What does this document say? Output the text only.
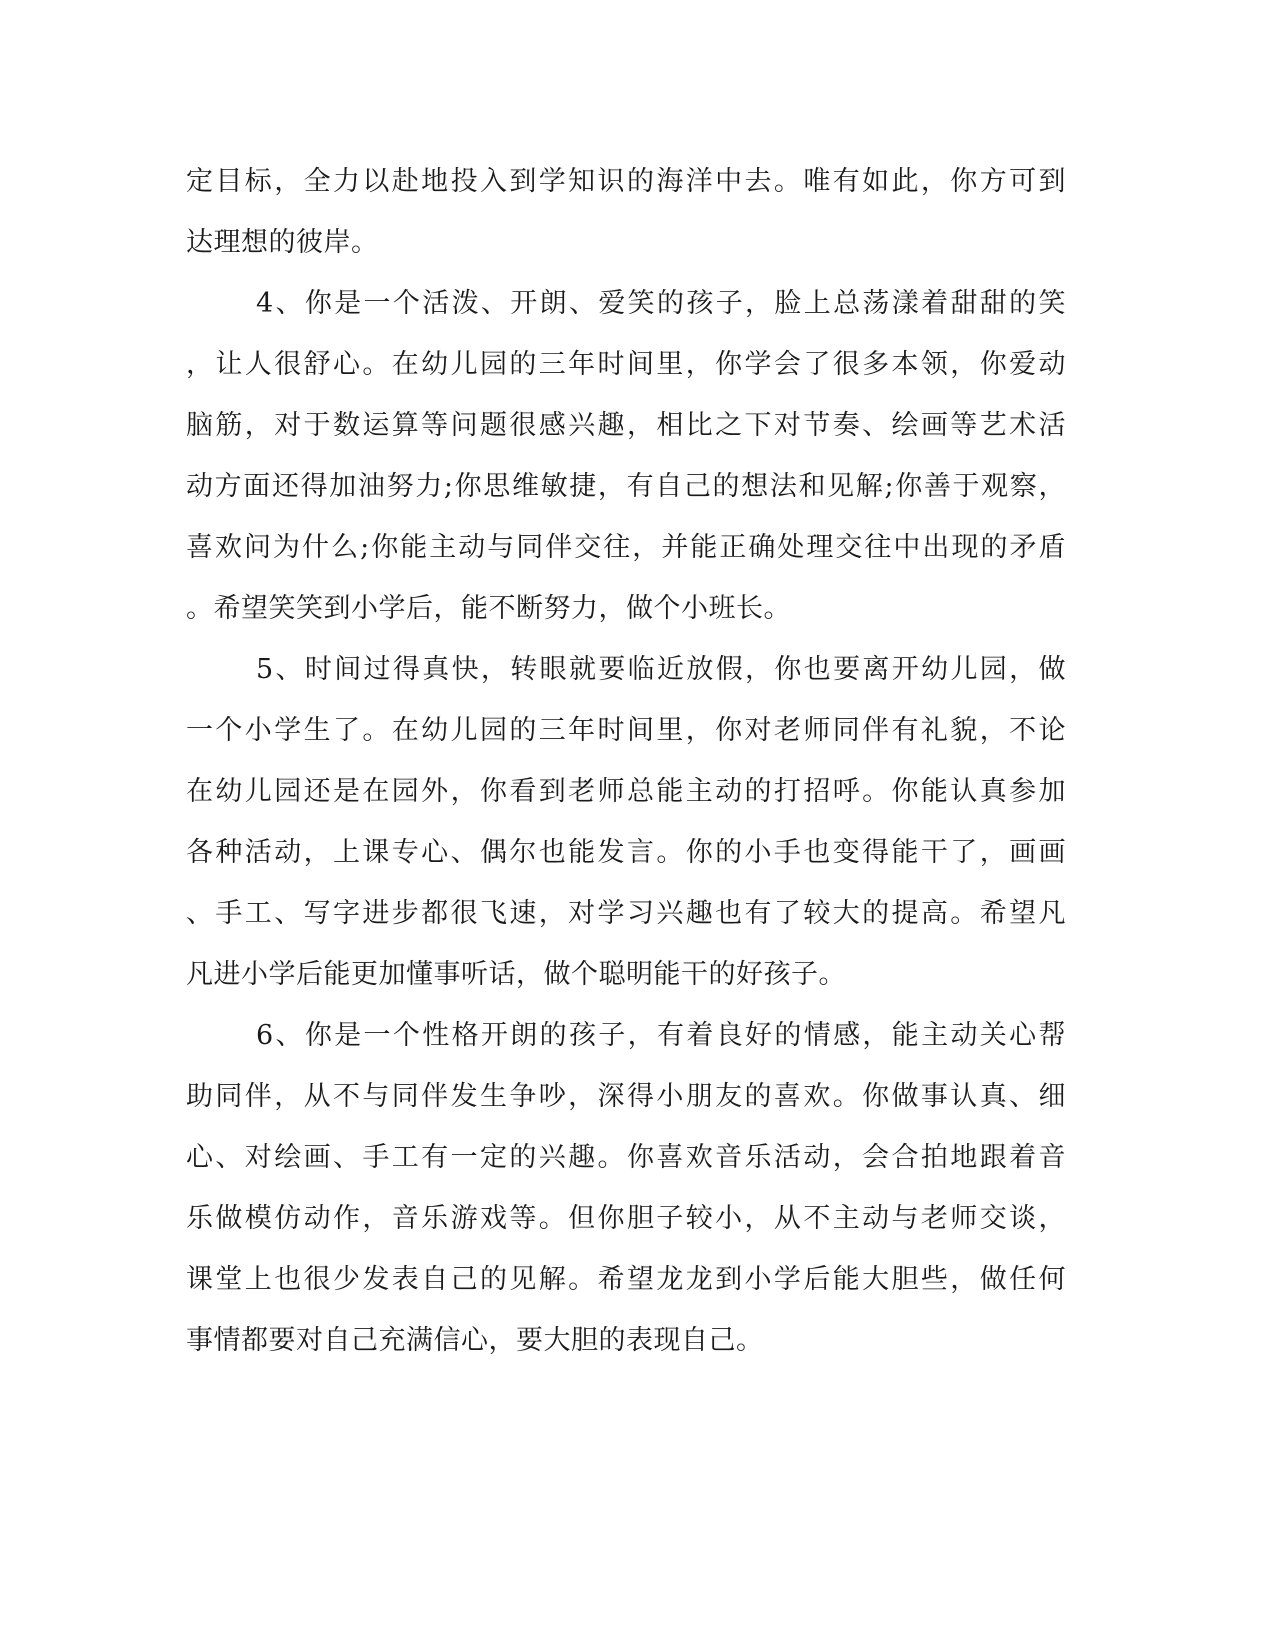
定目标，全力以赴地投入到学知识的海洋中去。唯有如此，你方可到
达理想的彼岸。
4、你是一个活泼、开朗、爱笑的孩子，脸上总荡漾着甜甜的笑
，让人很舒心。在幼儿园的三年时间里，你学会了很多本领，你爱动
脑筋，对于数运算等问题很感兴趣，相比之下对节奏、绘画等艺术活
动方面还得加油努力;你思维敏捷，有自己的想法和见解;你善于观察，
喜欢问为什么;你能主动与同伴交往，并能正确处理交往中出现的矛盾
。希望笑笑到小学后，能不断努力，做个小班长。
5、时间过得真快，转眼就要临近放假，你也要离开幼儿园，做
一个小学生了。在幼儿园的三年时间里，你对老师同伴有礼貌，不论
在幼儿园还是在园外，你看到老师总能主动的打招呼。你能认真参加
各种活动，上课专心、偶尔也能发言。你的小手也变得能干了，画画
、手工、写字进步都很飞速，对学习兴趣也有了较大的提高。希望凡
凡进小学后能更加懂事听话，做个聪明能干的好孩子。
6、你是一个性格开朗的孩子，有着良好的情感，能主动关心帮
助同伴，从不与同伴发生争吵，深得小朋友的喜欢。你做事认真、细
心、对绘画、手工有一定的兴趣。你喜欢音乐活动，会合拍地跟着音
乐做模仿动作，音乐游戏等。但你胆子较小，从不主动与老师交谈，
课堂上也很少发表自己的见解。希望龙龙到小学后能大胆些，做任何
事情都要对自己充满信心，要大胆的表现自己。
